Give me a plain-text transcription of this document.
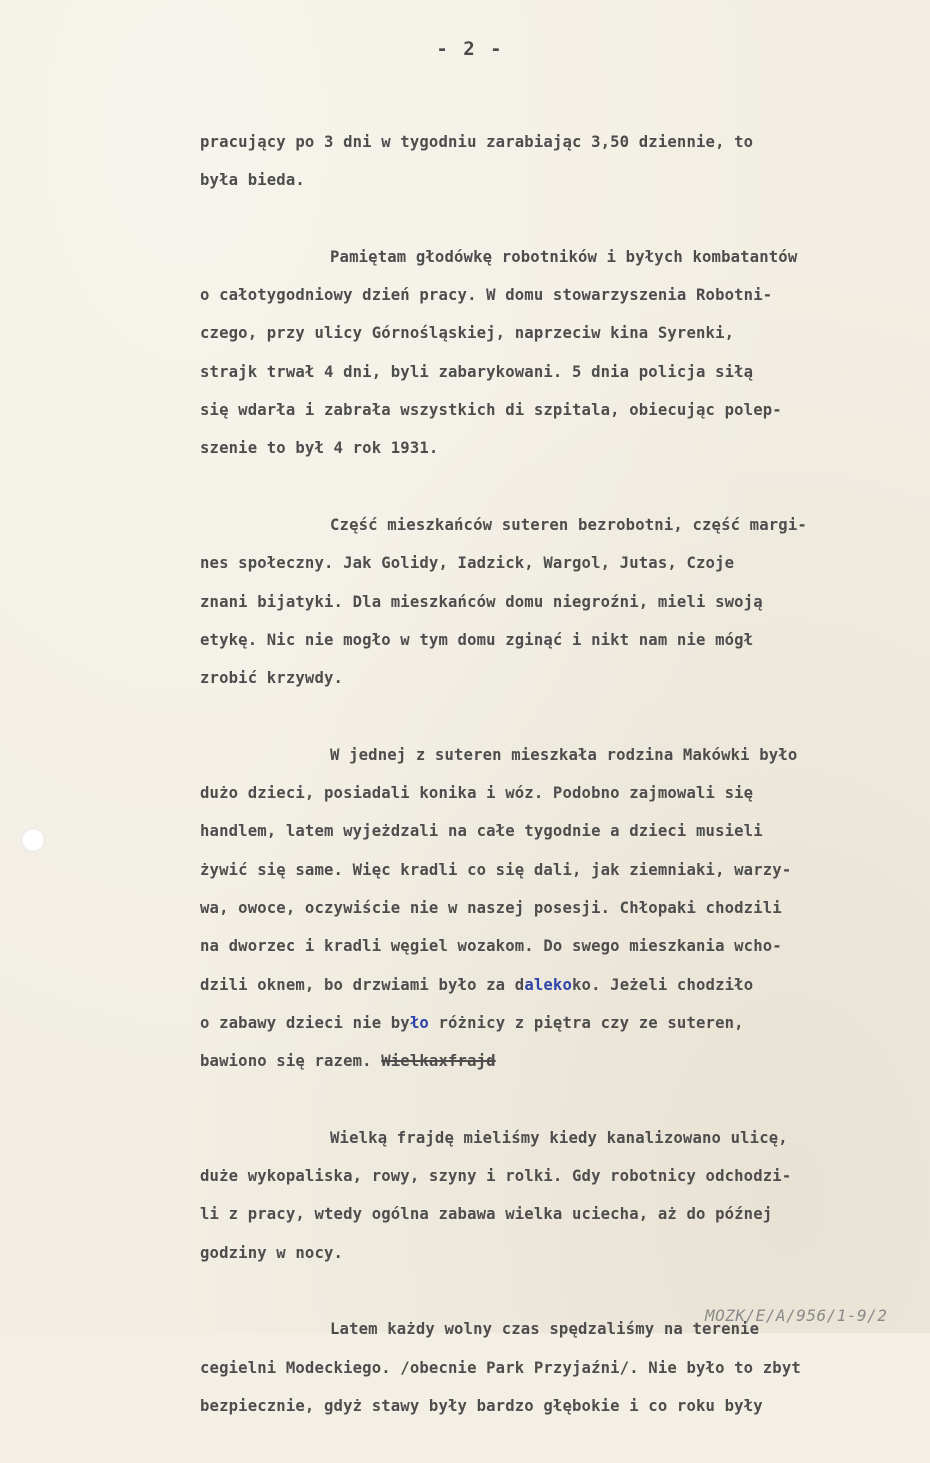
- 2 -
pracujący po 3 dni w tygodniu zarabiając 3,50 dziennie, to
była bieda.
Pamiętam głodówkę robotników i byłych kombatantów
o całotygodniowy dzień pracy. W domu stowarzyszenia Robotni-
czego, przy ulicy Górnośląskiej, naprzeciw kina Syrenki,
strajk trwał 4 dni, byli zabarykowani. 5 dnia policja siłą
się wdarła i zabrała wszystkich di szpitala, obiecując polep-
szenie to był 4 rok 1931.
Część mieszkańców suteren bezrobotni, część margi-
nes społeczny. Jak Golidy, Iadzick, Wargol, Jutas, Czoje
znani bijatyki. Dla mieszkańców domu niegroźni, mieli swoją
etykę. Nic nie mogło w tym domu zginąć i nikt nam nie mógł
zrobić krzywdy.
W jednej z suteren mieszkała rodzina Makówki było
dużo dzieci, posiadali konika i wóz. Podobno zajmowali się
handlem, latem wyjeżdzali na całe tygodnie a dzieci musieli
żywić się same. Więc kradli co się dali, jak ziemniaki, warzy-
wa, owoce, oczywiście nie w naszej posesji. Chłopaki chodzili
na dworzec i kradli węgiel wozakom. Do swego mieszkania wcho-
dzili oknem, bo drzwiami było za dalekoko. Jeżeli chodziło
o zabawy dzieci nie było różnicy z piętra czy ze suteren,
bawiono się razem. Wielkaxfrajd
Wielką frajdę mieliśmy kiedy kanalizowano ulicę,
duże wykopaliska, rowy, szyny i rolki. Gdy robotnicy odchodzi-
li z pracy, wtedy ogólna zabawa wielka uciecha, aż do późnej
godziny w nocy.
Latem każdy wolny czas spędzaliśmy na terenie
cegielni Modeckiego. /obecnie Park Przyjaźni/. Nie było to zbyt
bezpiecznie, gdyż stawy były bardzo głębokie i co roku były
MOZK/E/A/956/1-9/2
